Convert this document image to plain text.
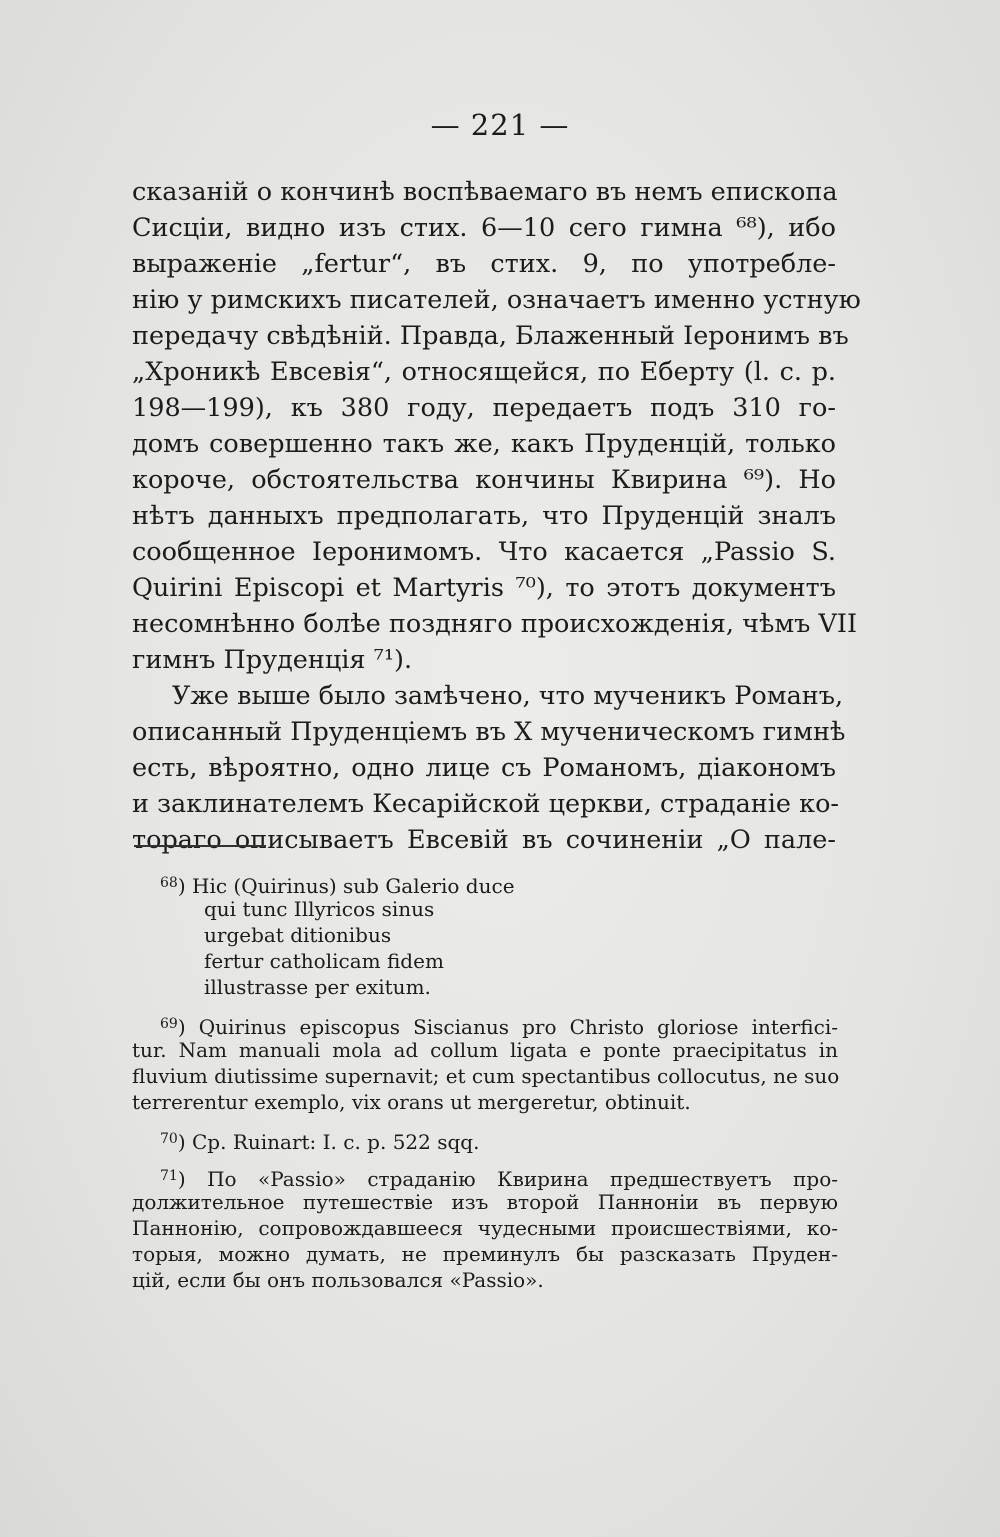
— 221 —
сказанiй о кончинѣ воспѣваемаго въ немъ епископа
Сисцiи, видно изъ стих. 6—10 сего гимна ⁶⁸), ибо
выраженiе „fertur“, въ стих. 9, по употребле-
нiю у римскихъ писателей, означаетъ именно устную
передачу свѣдѣнiй. Правда, Блаженный Iеронимъ въ
„Хроникѣ Евсевiя“, относящейся, по Еберту (l. c. p.
198—199), къ 380 году, передаетъ подъ 310 го-
домъ совершенно такъ же, какъ Пруденцiй, только
короче, обстоятельства кончины Квирина ⁶⁹). Но
нѣтъ данныхъ предполагать, что Пруденцiй зналъ
сообщенное Iеронимомъ. Что касается „Passio S.
Quirini Episcopi et Martyris ⁷⁰), то этотъ документъ
несомнѣнно болѣе поздняго происхожденiя, чѣмъ VII
гимнъ Пруденцiя ⁷¹).
Уже выше было замѣчено, что мученикъ Романъ,
описанный Пруденцiемъ въ X мученическомъ гимнѣ
есть, вѣроятно, одно лице съ Романомъ, дiакономъ
и заклинателемъ Кесарiйской церкви, страданiе ко-
тораго описываетъ Евсевiй въ сочиненiи „О пале-
$^{68}$) Hic (Quirinus) sub Galerio duce
qui tunc Illyricos sinus
urgebat ditionibus
fertur catholicam fidem
illustrasse per exitum.
$^{69}$) Quirinus episcopus Siscianus pro Christo gloriose interfici-
tur. Nam manuali mola ad collum ligata e ponte praecipitatus in
fluvium diutissime supernavit; et cum spectantibus collocutus, ne suo
terrerentur exemplo, vix orans ut mergeretur, obtinuit.
$^{70}$) Ср. Ruinart: I. c. p. 522 sqq.
$^{71}$) По «Passio» страданiю Квирина предшествуетъ про-
должительное путешествiе изъ второй Паннонiи въ первую
Паннонiю, сопровождавшееся чудесными происшествiями, ко-
торыя, можно думать, не преминулъ бы разсказать Пруден-
цiй, если бы онъ пользовался «Passio».
